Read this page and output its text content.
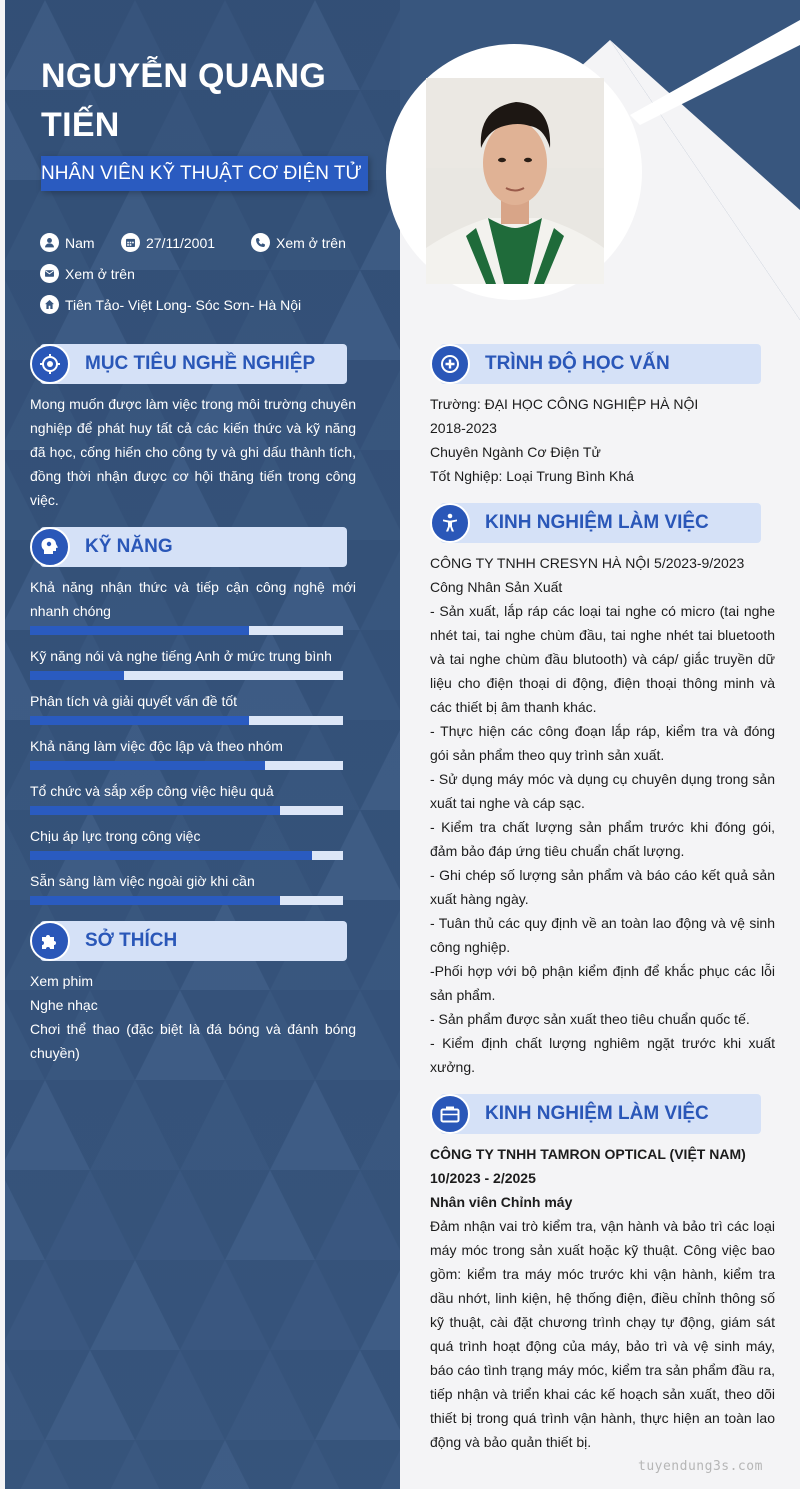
NGUYỄN QUANG TIẾN
NHÂN VIÊN KỸ THUẬT CƠ ĐIỆN TỬ
Nam	27/11/2001	Xem ở trên
Xem ở trên
Tiên Tảo- Việt Long- Sóc Sơn- Hà Nội
MỤC TIÊU NGHỀ NGHIỆP
Mong muốn được làm việc trong môi trường chuyên nghiệp để phát huy tất cả các kiến thức và kỹ năng đã học, cống hiến cho công ty và ghi dấu thành tích, đồng thời nhận được cơ hội thăng tiến trong công việc.
KỸ NĂNG
Khả năng nhận thức và tiếp cận công nghệ mới nhanh chóng
Kỹ năng nói và nghe tiếng Anh ở mức trung bình
Phân tích và giải quyết vấn đề tốt
Khả năng làm việc độc lập và theo nhóm
Tổ chức và sắp xếp công việc hiệu quả
Chịu áp lực trong công việc
Sẵn sàng làm việc ngoài giờ khi cần
SỞ THÍCH
Xem phim
Nghe nhạc
Chơi thể thao (đặc biệt là đá bóng và đánh bóng chuyền)
TRÌNH ĐỘ HỌC VẤN

Trường: ĐẠI HỌC CÔNG NGHIỆP HÀ NỘI

2018-2023

Chuyên Ngành Cơ Điện Tử

Tốt Nghiệp: Loại Trung Bình Khá

KINH NGHIỆM LÀM VIỆC

CÔNG TY TNHH CRESYN HÀ NỘI 5/2023-9/2023

Công Nhân Sản Xuất

- Sản xuất, lắp ráp các loại tai nghe có micro (tai nghe nhét tai, tai nghe chùm đầu, tai nghe nhét tai bluetooth và tai nghe chùm đầu blutooth) và cáp/ giắc truyền dữ liệu cho điện thoại di động, điện thoại thông minh và các thiết bị âm thanh khác.

- Thực hiện các công đoạn lắp ráp, kiểm tra và đóng gói sản phẩm theo quy trình sản xuất.

- Sử dụng máy móc và dụng cụ chuyên dụng trong sản xuất tai nghe và cáp sạc.

- Kiểm tra chất lượng sản phẩm trước khi đóng gói, đảm bảo đáp ứng tiêu chuẩn chất lượng.

- Ghi chép số lượng sản phẩm và báo cáo kết quả sản xuất hàng ngày.

- Tuân thủ các quy định về an toàn lao động và vệ sinh công nghiệp.

-Phối hợp với bộ phận kiểm định để khắc phục các lỗi sản phẩm.

- Sản phẩm được sản xuất theo tiêu chuẩn quốc tế.

- Kiểm định chất lượng nghiêm ngặt trước khi xuất xưởng.

KINH NGHIỆM LÀM VIỆC

CÔNG TY TNHH TAMRON OPTICAL (VIỆT NAM)

10/2023 - 2/2025

Nhân viên Chỉnh máy

Đảm nhận vai trò kiểm tra, vận hành và bảo trì các loại máy móc trong sản xuất hoặc kỹ thuật. Công việc bao gồm: kiểm tra máy móc trước khi vận hành, kiểm tra dầu nhớt, linh kiện, hệ thống điện, điều chỉnh thông số kỹ thuật, cài đặt chương trình chạy tự động, giám sát quá trình hoạt động của máy, bảo trì và vệ sinh máy, báo cáo tình trạng máy móc, kiểm tra sản phẩm đầu ra, tiếp nhận và triển khai các kế hoạch sản xuất, theo dõi thiết bị trong quá trình vận hành, thực hiện an toàn lao động và bảo quản thiết bị.

tuyendung3s.com
